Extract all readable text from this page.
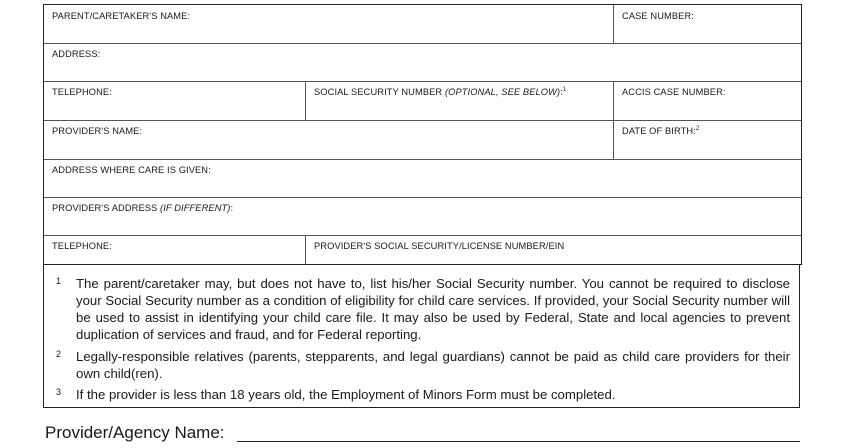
PARENT/CARETAKER'S NAME:	CASE NUMBER:
ADDRESS:
TELEPHONE:	SOCIAL SECURITY NUMBER (OPTIONAL, SEE BELOW):$^1$	ACCIS CASE NUMBER:
PROVIDER'S NAME:	DATE OF BIRTH:$^2$
ADDRESS WHERE CARE IS GIVEN:
PROVIDER'S ADDRESS (IF DIFFERENT):
TELEPHONE:	PROVIDER'S SOCIAL SECURITY/LICENSE NUMBER/EIN
1	The parent/caretaker may, but does not have to, list his/her Social Security number. You cannot be required to disclose your Social Security number as a condition of eligibility for child care services. If provided, your Social Security number will be used to assist in identifying your child care file. It may also be used by Federal, State and local agencies to prevent duplication of services and fraud, and for Federal reporting.
2	Legally-responsible relatives (parents, stepparents, and legal guardians) cannot be paid as child care providers for their own child(ren).
3	If the provider is less than 18 years old, the Employment of Minors Form must be completed.
Provider/Agency Name:
